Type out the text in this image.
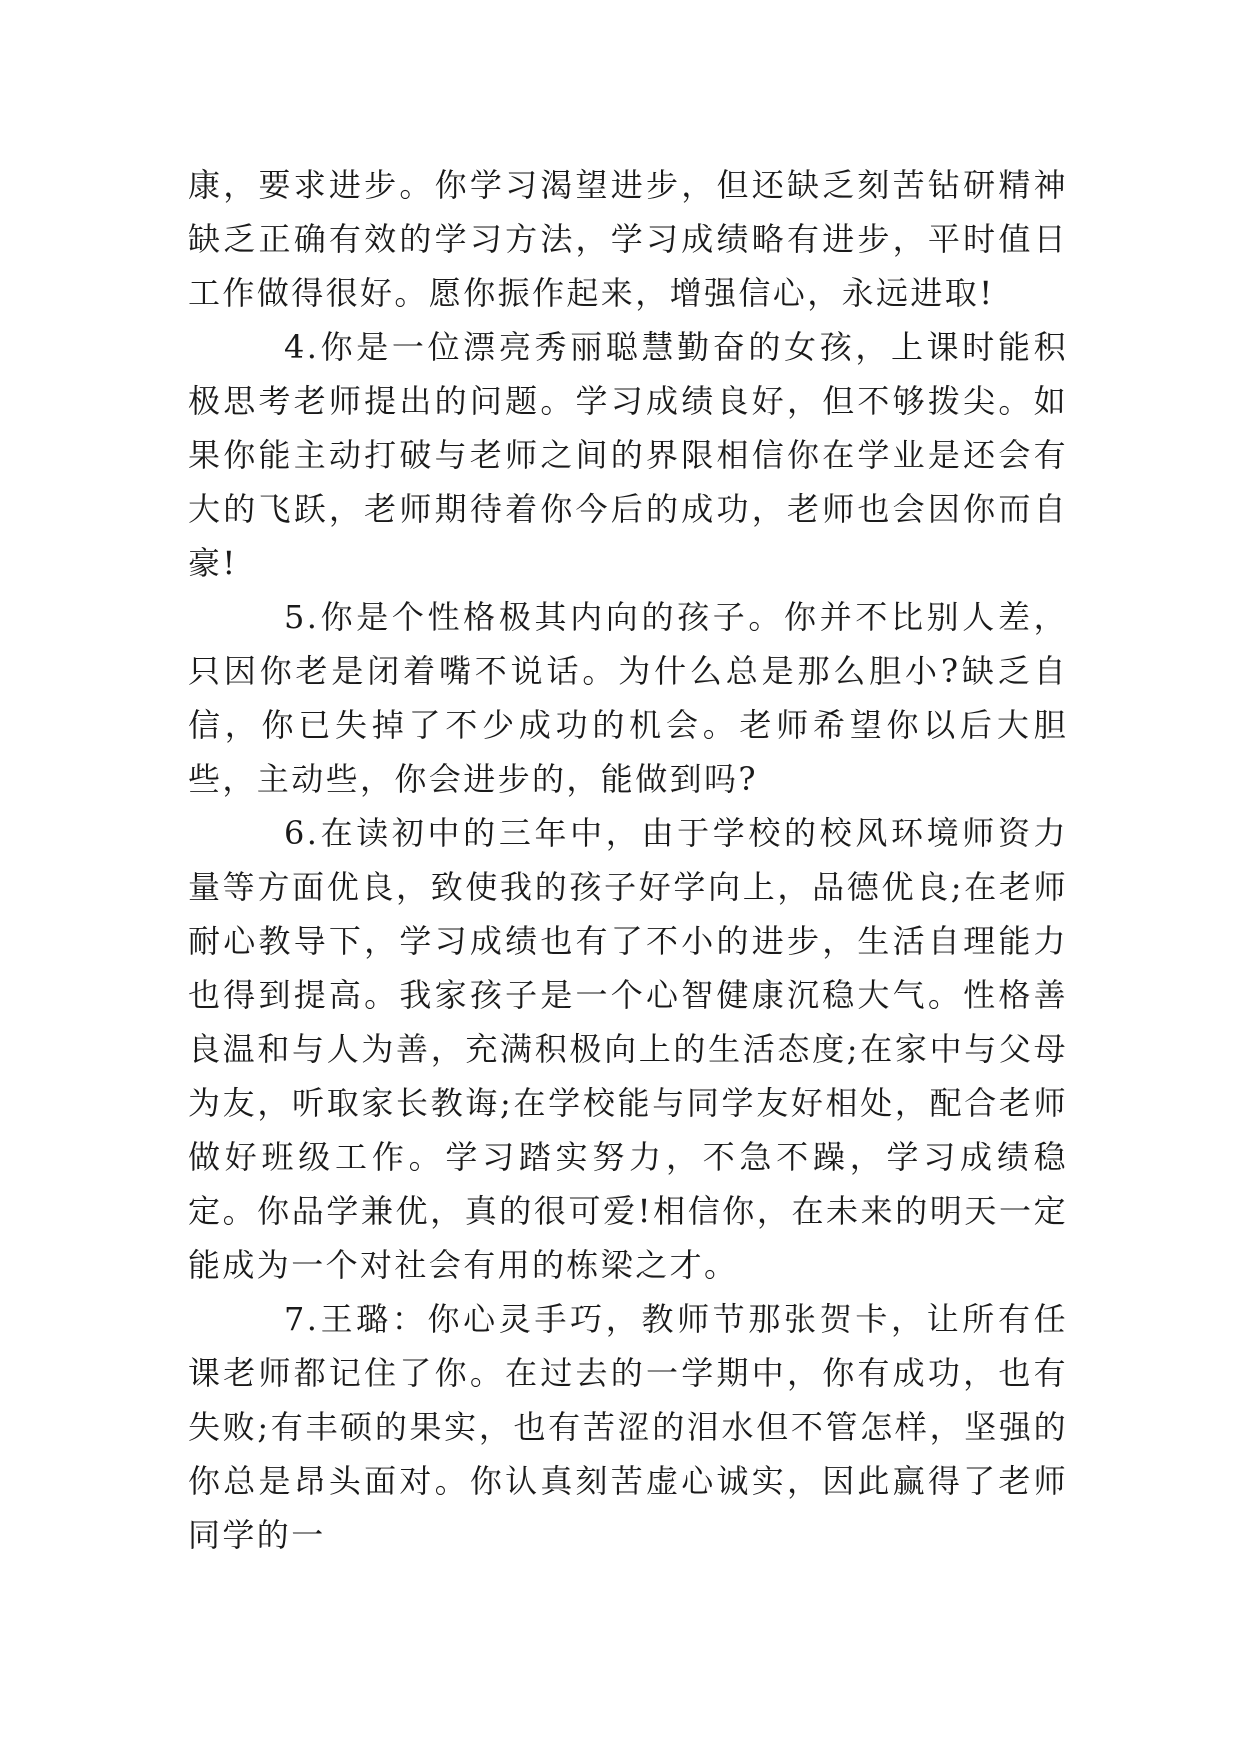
康，要求进步。你学习渴望进步，但还缺乏刻苦钻研精神缺乏正确有效的学习方法，学习成绩略有进步，平时值日工作做得很好。愿你振作起来，增强信心，永远进取!

4.你是一位漂亮秀丽聪慧勤奋的女孩，上课时能积极思考老师提出的问题。学习成绩良好，但不够拨尖。如果你能主动打破与老师之间的界限相信你在学业是还会有大的飞跃，老师期待着你今后的成功，老师也会因你而自豪!

5.你是个性格极其内向的孩子。你并不比别人差，只因你老是闭着嘴不说话。为什么总是那么胆小?缺乏自信，你已失掉了不少成功的机会。老师希望你以后大胆些，主动些，你会进步的，能做到吗?

6.在读初中的三年中，由于学校的校风环境师资力量等方面优良，致使我的孩子好学向上，品德优良;在老师耐心教导下，学习成绩也有了不小的进步，生活自理能力也得到提高。我家孩子是一个心智健康沉稳大气。性格善良温和与人为善，充满积极向上的生活态度;在家中与父母为友，听取家长教诲;在学校能与同学友好相处，配合老师做好班级工作。学习踏实努力，不急不躁，学习成绩稳定。你品学兼优，真的很可爱!相信你，在未来的明天一定能成为一个对社会有用的栋梁之才。

7.王璐：你心灵手巧，教师节那张贺卡，让所有任课老师都记住了你。在过去的一学期中，你有成功，也有失败;有丰硕的果实，也有苦涩的泪水但不管怎样，坚强的你总是昂头面对。你认真刻苦虚心诚实，因此赢得了老师同学的一
